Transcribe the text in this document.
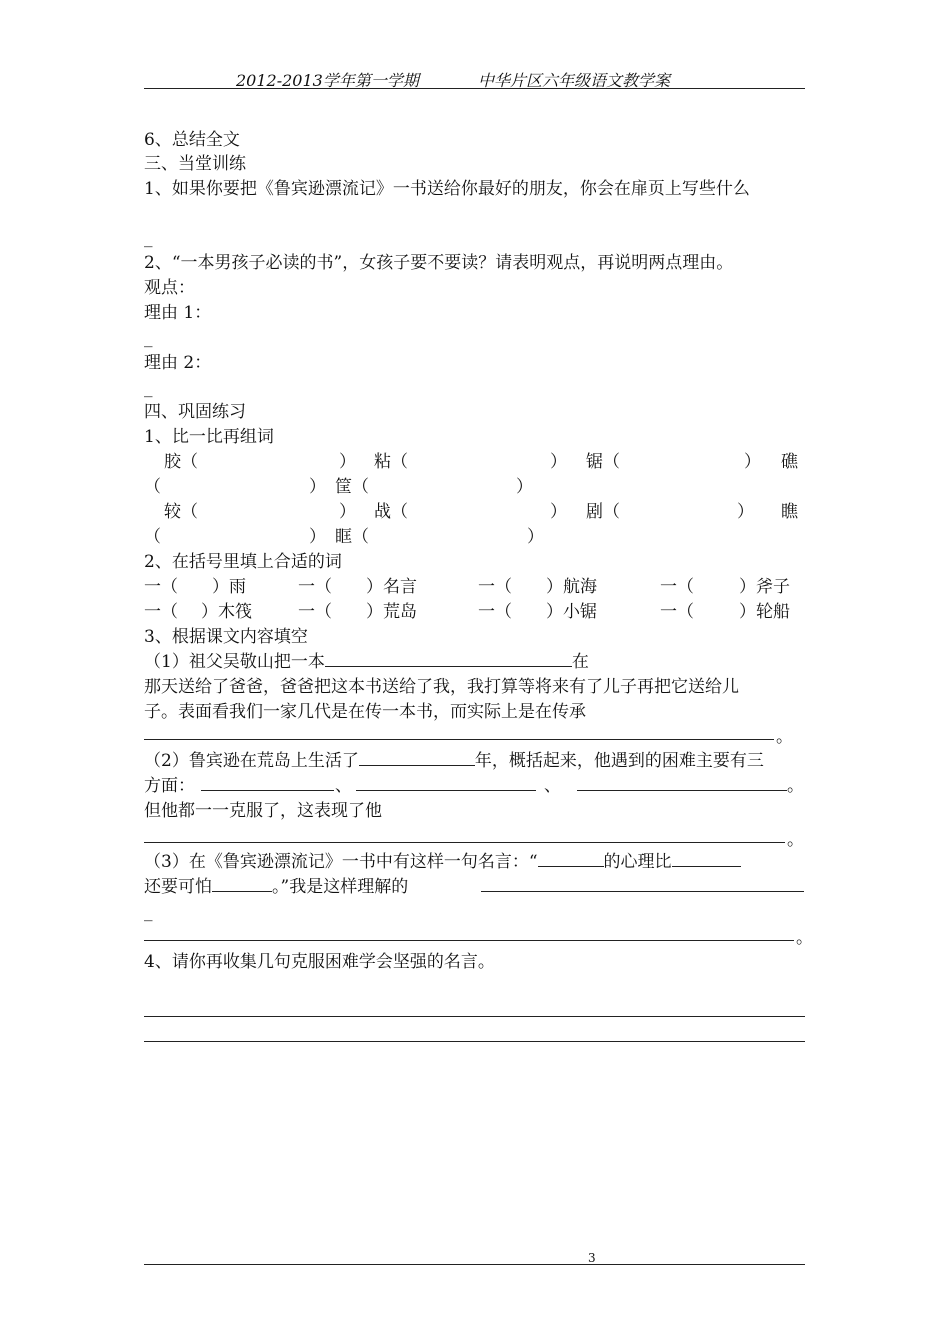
2012-2013学年第一学期	中华片区六年级语文教学案
6、总结全文
三、当堂训练
1、如果你要把《鲁宾逊漂流记》一书送给你最好的朋友，你会在扉页上写些什么
_
2、“一本男孩子必读的书”，女孩子要不要读？请表明观点，再说明两点理由。
观点：
理由 1：
_
理由 2：
_
四、巩固练习
1、比一比再组词
胶（	） 粘（	） 锯（	） 礁
（	） 筐（	）
较（	） 战（	） 剧（	） 瞧
（	） 眶（	）
2、在括号里填上合适的词
一（ ）雨	一（ ）名言	一（ ）航海	一（	）斧子
一（ ）木筏	一（ ）荒岛	一（ ）小锯	一（	）轮船
3、根据课文内容填空
（1）祖父吴敬山把一本	在
那天送给了爸爸，爸爸把这本书送给了我，我打算等将来有了儿子再把它送给儿
子。表面看我们一家几代是在传一本书，而实际上是在传承
。
（2）鲁宾逊在荒岛上生活了	年，概括起来，他遇到的困难主要有三
方面：	、	、	。
但他都一一克服了，这表现了他
。
（3）在《鲁宾逊漂流记》一书中有这样一句名言：“	的心理比
还要可怕	。”我是这样理解的
_
。
4、请你再收集几句克服困难学会坚强的名言。
3
